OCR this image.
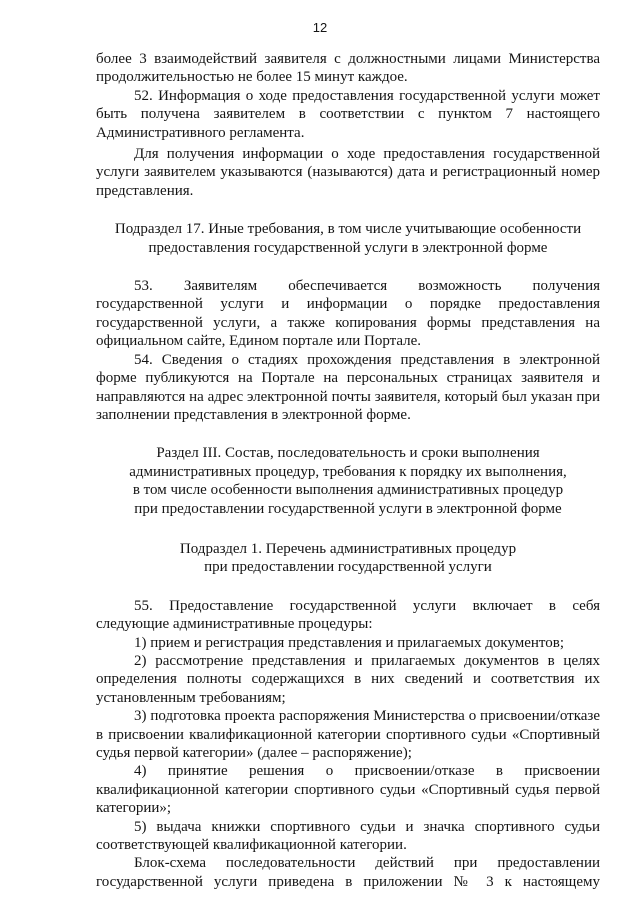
12

более 3 взаимодействий заявителя с должностными лицами Министерства продолжительностью не более 15 минут каждое.

52. Информация о ходе предоставления государственной услуги может быть получена заявителем в соответствии с пунктом 7 настоящего Административного регламента.

Для получения информации о ходе предоставления государственной услуги заявителем указываются (называются) дата и регистрационный номер представления.

Подраздел 17. Иные требования, в том числе учитывающие особенности
предоставления государственной услуги в электронной форме

53. Заявителям обеспечивается возможность получения государственной услуги и информации о порядке предоставления государственной услуги, а также копирования формы представления на официальном сайте, Едином портале или Портале.

54. Сведения о стадиях прохождения представления в электронной форме публикуются на Портале на персональных страницах заявителя и направляются на адрес электронной почты заявителя, который был указан при заполнении представления в электронной форме.

Раздел III. Состав, последовательность и сроки выполнения
административных процедур, требования к порядку их выполнения,
в том числе особенности выполнения административных процедур
при предоставлении государственной услуги в электронной форме
Подраздел 1. Перечень административных процедур
при предоставлении государственной услуги

55. Предоставление государственной услуги включает в себя следующие административные процедуры:

1) прием и регистрация представления и прилагаемых документов;

2) рассмотрение представления и прилагаемых документов в целях определения полноты содержащихся в них сведений и соответствия их установленным требованиям;

3) подготовка проекта распоряжения Министерства о присвоении/отказе в присвоении квалификационной категории спортивного судьи «Спортивный судья первой категории» (далее – распоряжение);

4) принятие решения о присвоении/отказе в присвоении квалификационной категории спортивного судьи «Спортивный судья первой категории»;

5) выдача книжки спортивного судьи и значка спортивного судьи соответствующей квалификационной категории.

Блок-схема последовательности действий при предоставлении государственной услуги приведена в приложении № 3 к настоящему
